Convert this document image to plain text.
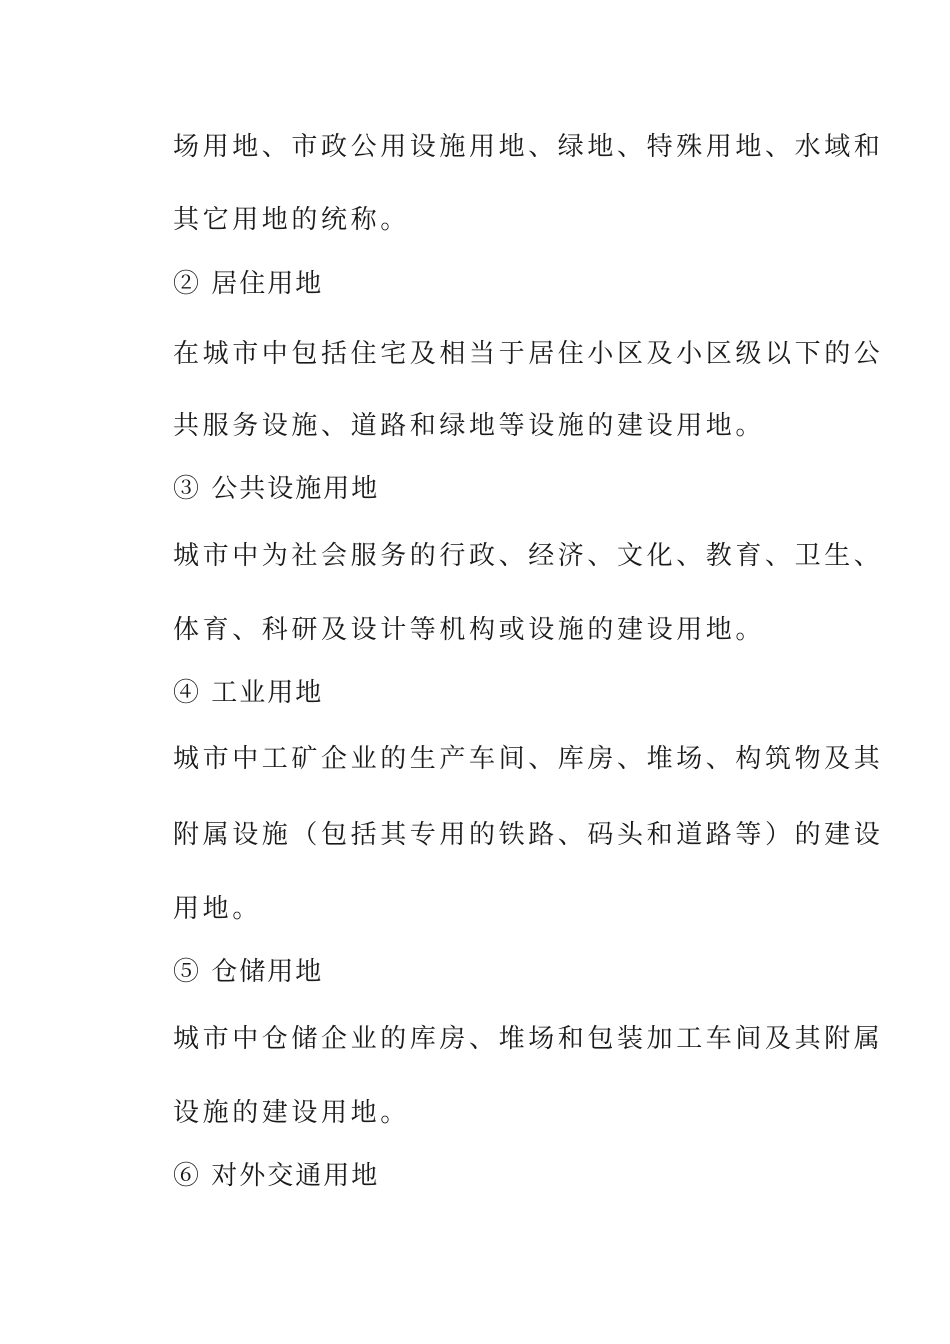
场用地、市政公用设施用地、绿地、特殊用地、水域和
其它用地的统称。
② 居住用地
在城市中包括住宅及相当于居住小区及小区级以下的公
共服务设施、道路和绿地等设施的建设用地。
③ 公共设施用地
城市中为社会服务的行政、经济、文化、教育、卫生、
体育、科研及设计等机构或设施的建设用地。
④ 工业用地
城市中工矿企业的生产车间、库房、堆场、构筑物及其
附属设施（包括其专用的铁路、码头和道路等）的建设
用地。
⑤ 仓储用地
城市中仓储企业的库房、堆场和包装加工车间及其附属
设施的建设用地。
⑥ 对外交通用地
